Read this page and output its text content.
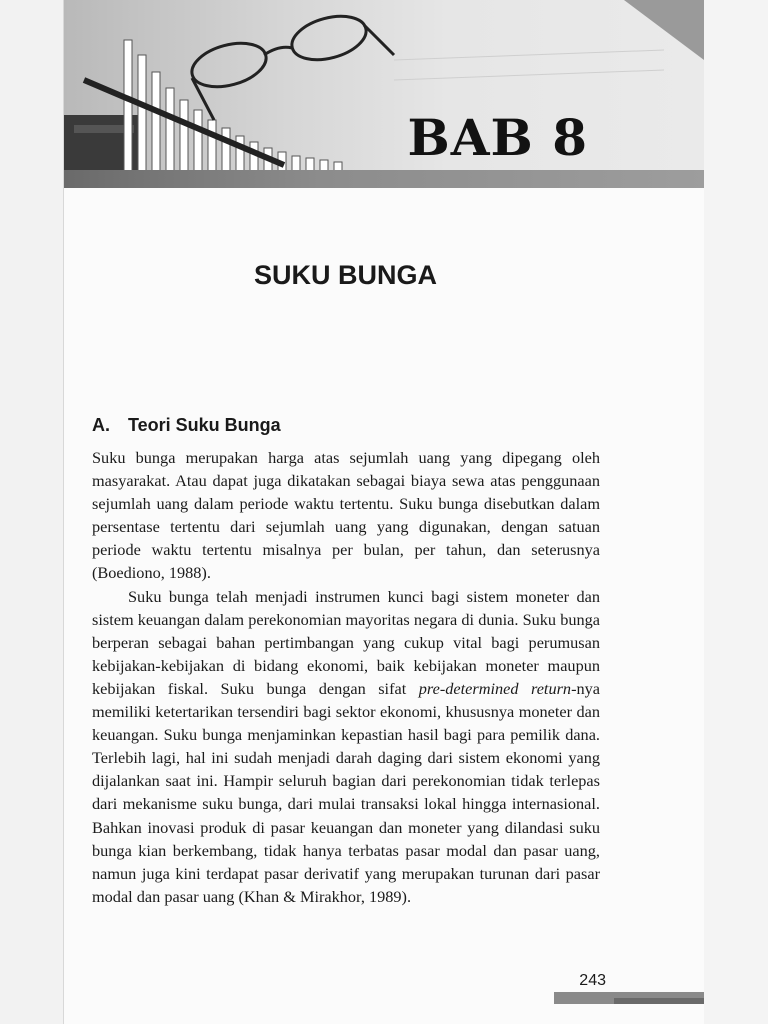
BAB 8
SUKU BUNGA
A. Teori Suku Bunga

Suku bunga merupakan harga atas sejumlah uang yang dipegang oleh masyarakat. Atau dapat juga dikatakan sebagai biaya sewa atas penggunaan sejumlah uang dalam periode waktu tertentu. Suku bunga disebutkan dalam persentase tertentu dari sejumlah uang yang digunakan, dengan satuan periode waktu tertentu misalnya per bulan, per tahun, dan seterusnya (Boediono, 1988).

Suku bunga telah menjadi instrumen kunci bagi sistem moneter dan sistem keuangan dalam perekonomian mayoritas negara di dunia. Suku bunga berperan sebagai bahan pertimbangan yang cukup vital bagi perumusan kebijakan-kebijakan di bidang ekonomi, baik kebijakan moneter maupun kebijakan fiskal. Suku bunga dengan sifat pre-determined return-nya memiliki ketertarikan tersendiri bagi sektor ekonomi, khususnya moneter dan keuangan. Suku bunga menjaminkan kepastian hasil bagi para pemilik dana. Terlebih lagi, hal ini sudah menjadi darah daging dari sistem ekonomi yang dijalankan saat ini. Hampir seluruh bagian dari perekonomian tidak terlepas dari mekanisme suku bunga, dari mulai transaksi lokal hingga internasional. Bahkan inovasi produk di pasar keuangan dan moneter yang dilandasi suku bunga kian berkembang, tidak hanya terbatas pasar modal dan pasar uang, namun juga kini terdapat pasar derivatif yang merupakan turunan dari pasar modal dan pasar uang (Khan & Mirakhor, 1989).

243
